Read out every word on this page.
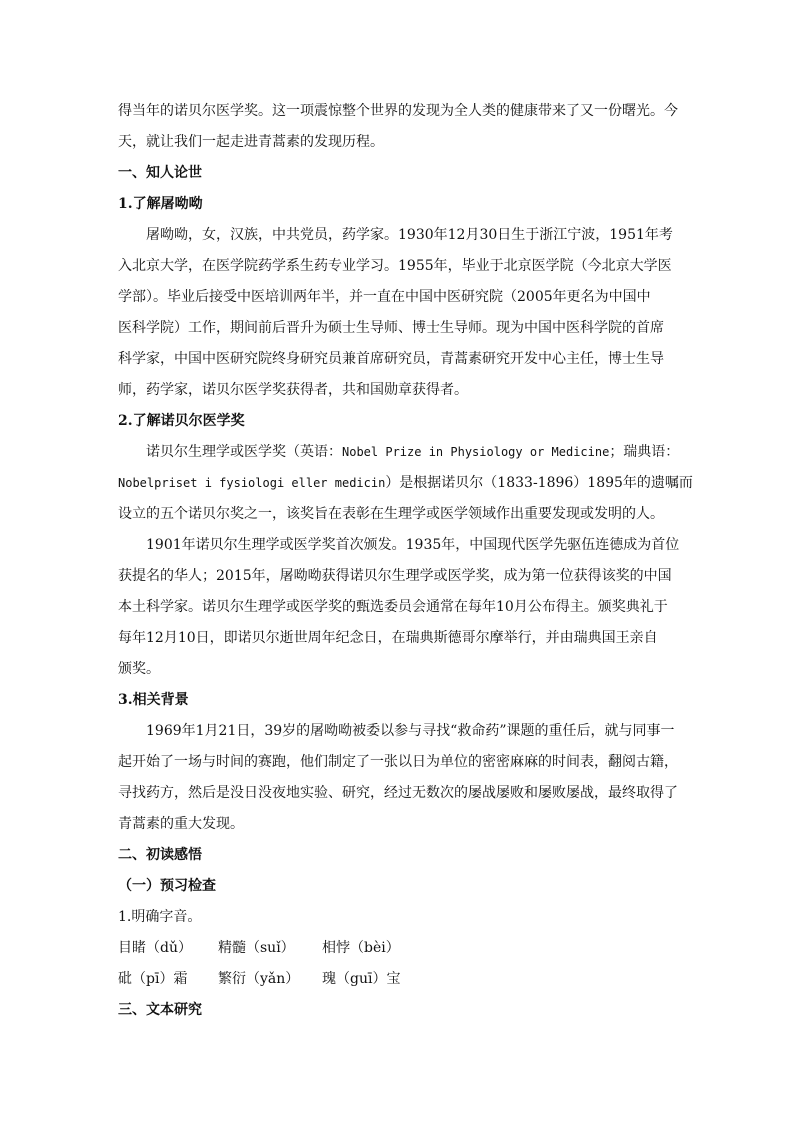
得当年的诺贝尔医学奖。这一项震惊整个世界的发现为全人类的健康带来了又一份曙光。今
天，就让我们一起走进青蒿素的发现历程。
一、知人论世
1.了解屠呦呦
屠呦呦，女，汉族，中共党员，药学家。1930年12月30日生于浙江宁波，1951年考
入北京大学，在医学院药学系生药专业学习。1955年，毕业于北京医学院（今北京大学医
学部）。毕业后接受中医培训两年半，并一直在中国中医研究院（2005年更名为中国中
医科学院）工作，期间前后晋升为硕士生导师、博士生导师。现为中国中医科学院的首席
科学家，中国中医研究院终身研究员兼首席研究员，青蒿素研究开发中心主任，博士生导
师，药学家，诺贝尔医学奖获得者，共和国勋章获得者。
2.了解诺贝尔医学奖
诺贝尔生理学或医学奖（英语：Nobel Prize in Physiology or Medicine；瑞典语：
Nobelpriset i fysiologi eller medicin）是根据诺贝尔（1833-1896）1895年的遗嘱而
设立的五个诺贝尔奖之一，该奖旨在表彰在生理学或医学领域作出重要发现或发明的人。
1901年诺贝尔生理学或医学奖首次颁发。1935年，中国现代医学先驱伍连德成为首位
获提名的华人；2015年，屠呦呦获得诺贝尔生理学或医学奖，成为第一位获得该奖的中国
本土科学家。诺贝尔生理学或医学奖的甄选委员会通常在每年10月公布得主。颁奖典礼于
每年12月10日，即诺贝尔逝世周年纪念日，在瑞典斯德哥尔摩举行，并由瑞典国王亲自
颁奖。
3.相关背景
1969年1月21日，39岁的屠呦呦被委以参与寻找“救命药”课题的重任后，就与同事一
起开始了一场与时间的赛跑，他们制定了一张以日为单位的密密麻麻的时间表，翻阅古籍，
寻找药方，然后是没日没夜地实验、研究，经过无数次的屡战屡败和屡败屡战，最终取得了
青蒿素的重大发现。
二、初读感悟
（一）预习检查
1.明确字音。
目睹（dǔ） 精髓（suǐ） 相悖（bèi）
砒（pī）霜 繁衍（yǎn） 瑰（guī）宝
三、文本研究
